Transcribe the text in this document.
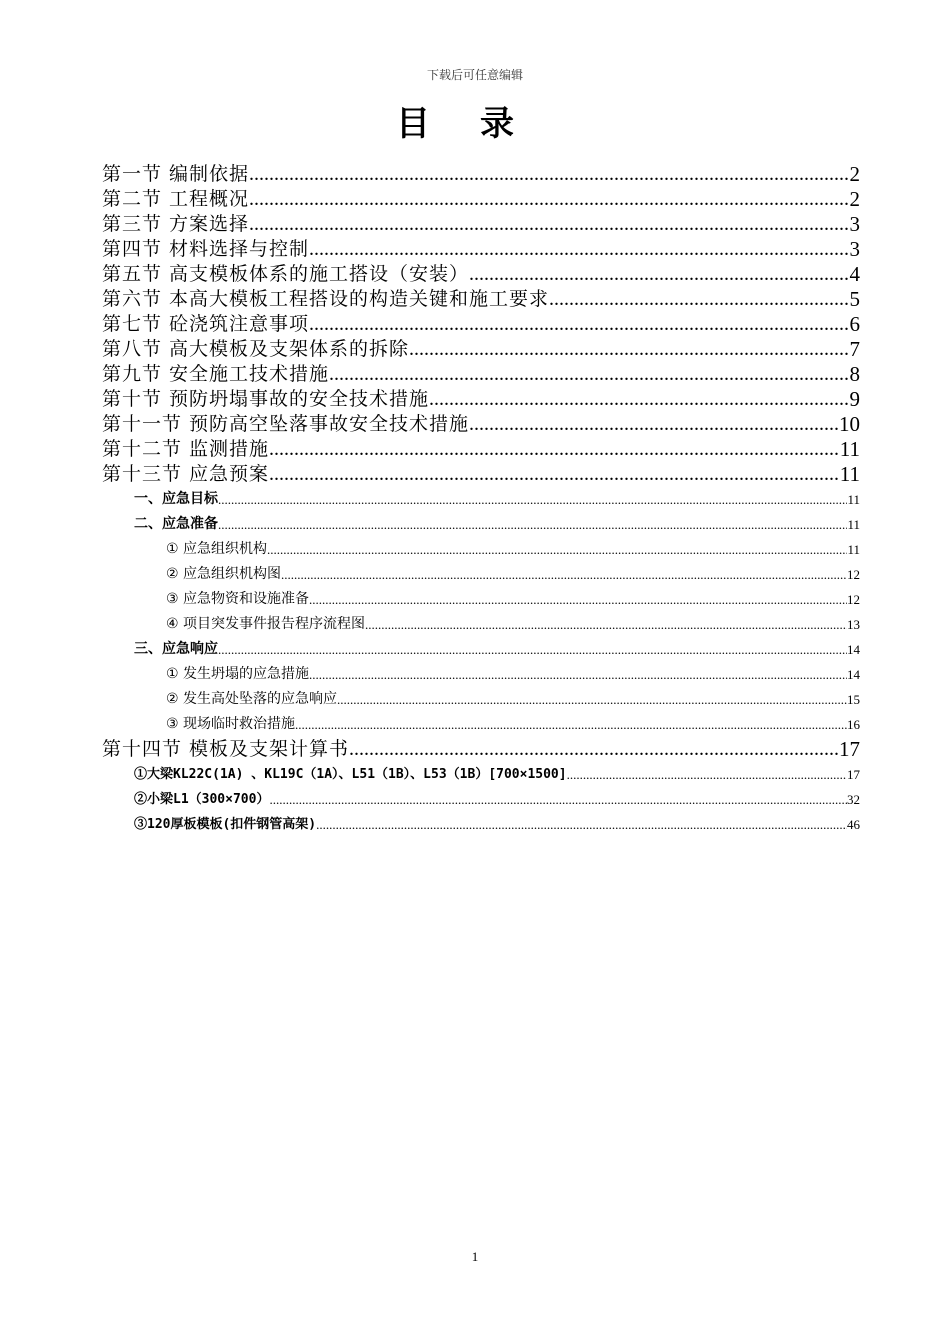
下载后可任意编辑
目录
第一节 编制依据 .....	2
第二节 工程概况 .....	2
第三节 方案选择 .....	3
第四节 材料选择与控制 .....	3
第五节 高支模板体系的施工搭设（安装） .....	4
第六节 本高大模板工程搭设的构造关键和施工要求 .....	5
第七节 砼浇筑注意事项 .....	6
第八节 高大模板及支架体系的拆除 .....	7
第九节 安全施工技术措施 .....	8
第十节 预防坍塌事故的安全技术措施 .....	9
第十一节 预防高空坠落事故安全技术措施 .....	10
第十二节 监测措施 .....	11
第十三节 应急预案 .....	11
一、应急目标 .....	11
二、应急准备 .....	11
① 应急组织机构 .....	11
② 应急组织机构图 .....	12
③ 应急物资和设施准备 .....	12
④ 项目突发事件报告程序流程图 .....	13
三、应急响应 .....	14
① 发生坍塌的应急措施 .....	14
② 发生高处坠落的应急响应 .....	15
③ 现场临时救治措施 .....	16
第十四节 模板及支架计算书 .....	17
①大梁KL22C(1A) 、KL19C（1A）、L51（1B）、L53（1B）[700×1500] .....	17
②小梁L1（300×700） .....	32
③120厚板模板(扣件钢管高架) .....	46
1
